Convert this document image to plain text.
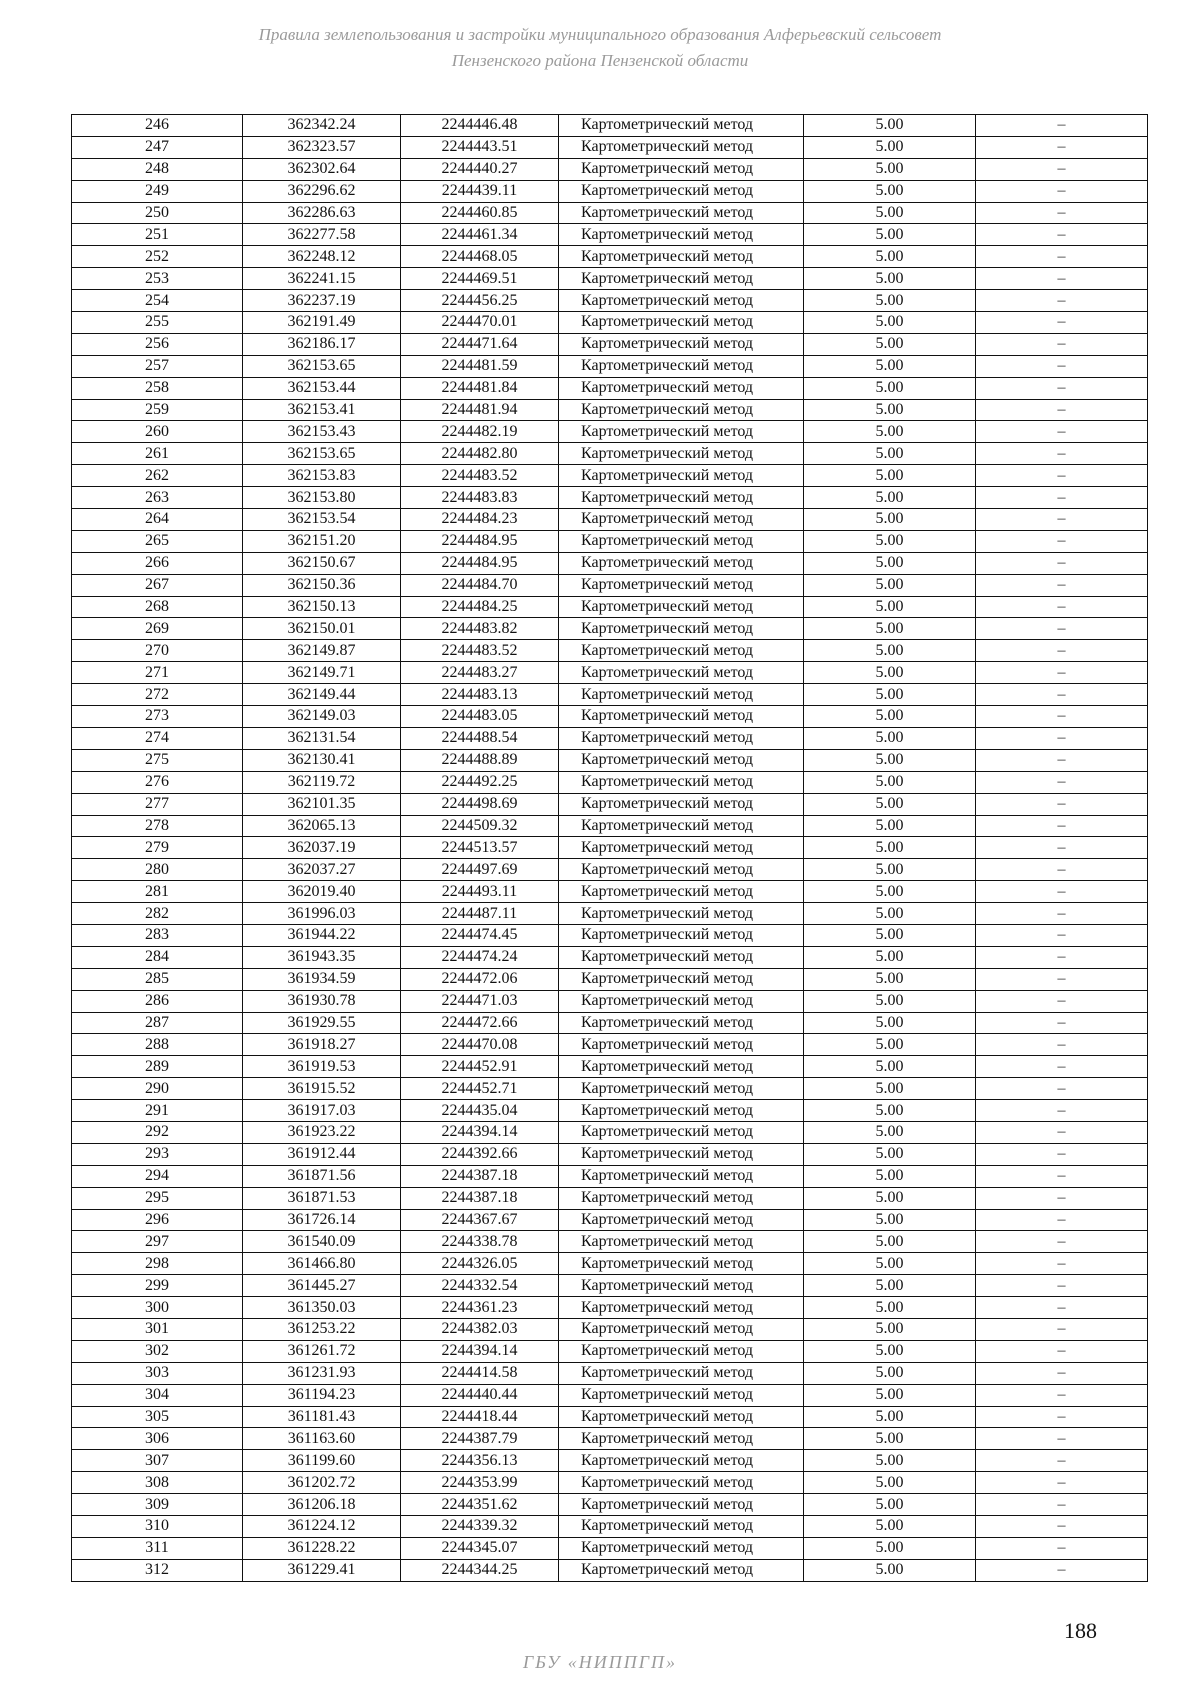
Правила землепользования и застройки муниципального образования Алферьевский сельсовет
Пензенского района Пензенской области
246	362342.24	2244446.48	Картометрический метод	5.00	–
247	362323.57	2244443.51	Картометрический метод	5.00	–
248	362302.64	2244440.27	Картометрический метод	5.00	–
249	362296.62	2244439.11	Картометрический метод	5.00	–
250	362286.63	2244460.85	Картометрический метод	5.00	–
251	362277.58	2244461.34	Картометрический метод	5.00	–
252	362248.12	2244468.05	Картометрический метод	5.00	–
253	362241.15	2244469.51	Картометрический метод	5.00	–
254	362237.19	2244456.25	Картометрический метод	5.00	–
255	362191.49	2244470.01	Картометрический метод	5.00	–
256	362186.17	2244471.64	Картометрический метод	5.00	–
257	362153.65	2244481.59	Картометрический метод	5.00	–
258	362153.44	2244481.84	Картометрический метод	5.00	–
259	362153.41	2244481.94	Картометрический метод	5.00	–
260	362153.43	2244482.19	Картометрический метод	5.00	–
261	362153.65	2244482.80	Картометрический метод	5.00	–
262	362153.83	2244483.52	Картометрический метод	5.00	–
263	362153.80	2244483.83	Картометрический метод	5.00	–
264	362153.54	2244484.23	Картометрический метод	5.00	–
265	362151.20	2244484.95	Картометрический метод	5.00	–
266	362150.67	2244484.95	Картометрический метод	5.00	–
267	362150.36	2244484.70	Картометрический метод	5.00	–
268	362150.13	2244484.25	Картометрический метод	5.00	–
269	362150.01	2244483.82	Картометрический метод	5.00	–
270	362149.87	2244483.52	Картометрический метод	5.00	–
271	362149.71	2244483.27	Картометрический метод	5.00	–
272	362149.44	2244483.13	Картометрический метод	5.00	–
273	362149.03	2244483.05	Картометрический метод	5.00	–
274	362131.54	2244488.54	Картометрический метод	5.00	–
275	362130.41	2244488.89	Картометрический метод	5.00	–
276	362119.72	2244492.25	Картометрический метод	5.00	–
277	362101.35	2244498.69	Картометрический метод	5.00	–
278	362065.13	2244509.32	Картометрический метод	5.00	–
279	362037.19	2244513.57	Картометрический метод	5.00	–
280	362037.27	2244497.69	Картометрический метод	5.00	–
281	362019.40	2244493.11	Картометрический метод	5.00	–
282	361996.03	2244487.11	Картометрический метод	5.00	–
283	361944.22	2244474.45	Картометрический метод	5.00	–
284	361943.35	2244474.24	Картометрический метод	5.00	–
285	361934.59	2244472.06	Картометрический метод	5.00	–
286	361930.78	2244471.03	Картометрический метод	5.00	–
287	361929.55	2244472.66	Картометрический метод	5.00	–
288	361918.27	2244470.08	Картометрический метод	5.00	–
289	361919.53	2244452.91	Картометрический метод	5.00	–
290	361915.52	2244452.71	Картометрический метод	5.00	–
291	361917.03	2244435.04	Картометрический метод	5.00	–
292	361923.22	2244394.14	Картометрический метод	5.00	–
293	361912.44	2244392.66	Картометрический метод	5.00	–
294	361871.56	2244387.18	Картометрический метод	5.00	–
295	361871.53	2244387.18	Картометрический метод	5.00	–
296	361726.14	2244367.67	Картометрический метод	5.00	–
297	361540.09	2244338.78	Картометрический метод	5.00	–
298	361466.80	2244326.05	Картометрический метод	5.00	–
299	361445.27	2244332.54	Картометрический метод	5.00	–
300	361350.03	2244361.23	Картометрический метод	5.00	–
301	361253.22	2244382.03	Картометрический метод	5.00	–
302	361261.72	2244394.14	Картометрический метод	5.00	–
303	361231.93	2244414.58	Картометрический метод	5.00	–
304	361194.23	2244440.44	Картометрический метод	5.00	–
305	361181.43	2244418.44	Картометрический метод	5.00	–
306	361163.60	2244387.79	Картометрический метод	5.00	–
307	361199.60	2244356.13	Картометрический метод	5.00	–
308	361202.72	2244353.99	Картометрический метод	5.00	–
309	361206.18	2244351.62	Картометрический метод	5.00	–
310	361224.12	2244339.32	Картометрический метод	5.00	–
311	361228.22	2244345.07	Картометрический метод	5.00	–
312	361229.41	2244344.25	Картометрический метод	5.00	–
188
ГБУ «НИППГП»
